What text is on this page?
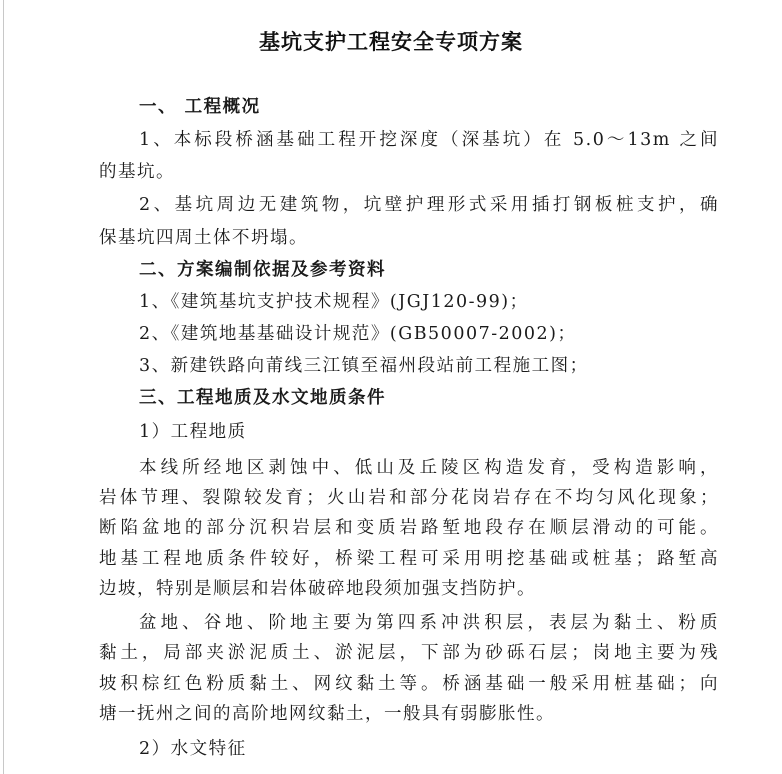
基坑支护工程安全专项方案
一、 工程概况
1、本标段桥涵基础工程开挖深度（深基坑）在 5.0～13m 之间
的基坑。
2、基坑周边无建筑物，坑壁护理形式采用插打钢板桩支护，确
保基坑四周土体不坍塌。
二、方案编制依据及参考资料
1、《建筑基坑支护技术规程》(JGJ120-99)；
2、《建筑地基基础设计规范》(GB50007-2002)；
3、新建铁路向莆线三江镇至福州段站前工程施工图；
三、工程地质及水文地质条件
1）工程地质
本线所经地区剥蚀中、低山及丘陵区构造发育，受构造影响，
岩体节理、裂隙较发育；火山岩和部分花岗岩存在不均匀风化现象；
断陷盆地的部分沉积岩层和变质岩路堑地段存在顺层滑动的可能。
地基工程地质条件较好，桥梁工程可采用明挖基础或桩基；路堑高
边坡，特别是顺层和岩体破碎地段须加强支挡防护。
盆地、谷地、阶地主要为第四系冲洪积层，表层为黏土、粉质
黏土，局部夹淤泥质土、淤泥层，下部为砂砾石层；岗地主要为残
坡积棕红色粉质黏土、网纹黏土等。桥涵基础一般采用桩基础；向
塘一抚州之间的高阶地网纹黏土，一般具有弱膨胀性。
2）水文特征
